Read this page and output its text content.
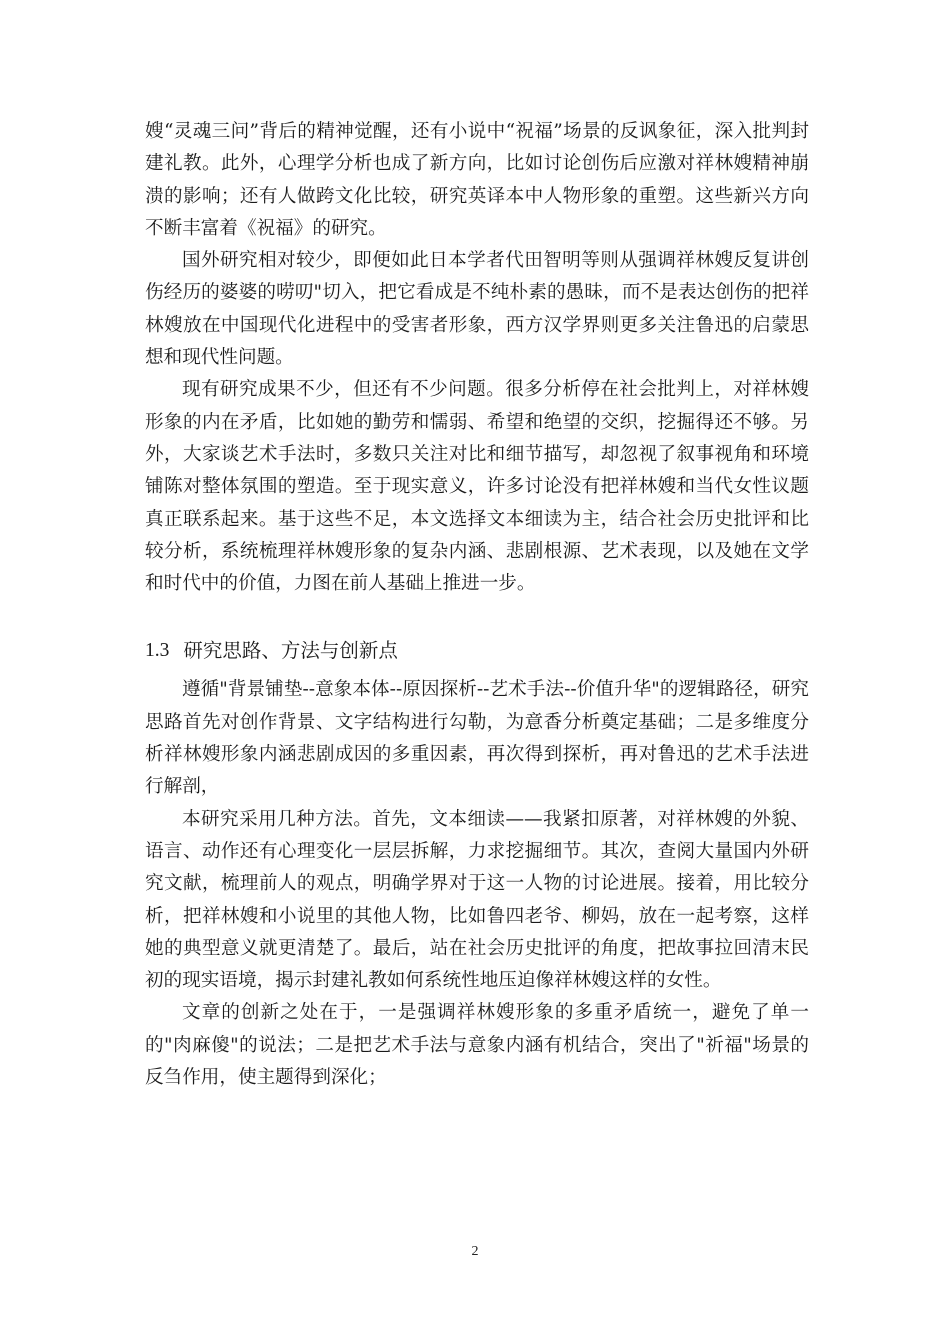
嫂“灵魂三问”背后的精神觉醒，还有小说中“祝福”场景的反讽象征，深入批判封建礼教。此外，心理学分析也成了新方向，比如讨论创伤后应激对祥林嫂精神崩溃的影响；还有人做跨文化比较，研究英译本中人物形象的重塑。这些新兴方向不断丰富着《祝福》的研究。

国外研究相对较少，即便如此日本学者代田智明等则从强调祥林嫂反复讲创伤经历的婆婆的唠叨"切入，把它看成是不纯朴素的愚昧，而不是表达创伤的把祥林嫂放在中国现代化进程中的受害者形象，西方汉学界则更多关注鲁迅的启蒙思想和现代性问题。

现有研究成果不少，但还有不少问题。很多分析停在社会批判上，对祥林嫂形象的内在矛盾，比如她的勤劳和懦弱、希望和绝望的交织，挖掘得还不够。另外，大家谈艺术手法时，多数只关注对比和细节描写，却忽视了叙事视角和环境铺陈对整体氛围的塑造。至于现实意义，许多讨论没有把祥林嫂和当代女性议题真正联系起来。基于这些不足，本文选择文本细读为主，结合社会历史批评和比较分析，系统梳理祥林嫂形象的复杂内涵、悲剧根源、艺术表现，以及她在文学和时代中的价值，力图在前人基础上推进一步。

1.3 研究思路、方法与创新点

遵循"背景铺垫--意象本体--原因探析--艺术手法--价值升华"的逻辑路径，研究思路首先对创作背景、文字结构进行勾勒，为意香分析奠定基础；二是多维度分析祥林嫂形象内涵悲剧成因的多重因素，再次得到探析，再对鲁迅的艺术手法进行解剖，

本研究采用几种方法。首先，文本细读——我紧扣原著，对祥林嫂的外貌、语言、动作还有心理变化一层层拆解，力求挖掘细节。其次，查阅大量国内外研究文献，梳理前人的观点，明确学界对于这一人物的讨论进展。接着，用比较分析，把祥林嫂和小说里的其他人物，比如鲁四老爷、柳妈，放在一起考察，这样她的典型意义就更清楚了。最后，站在社会历史批评的角度，把故事拉回清末民初的现实语境，揭示封建礼教如何系统性地压迫像祥林嫂这样的女性。

文章的创新之处在于，一是强调祥林嫂形象的多重矛盾统一，避免了单一的"肉麻傻"的说法；二是把艺术手法与意象内涵有机结合，突出了"祈福"场景的反刍作用，使主题得到深化；

2
